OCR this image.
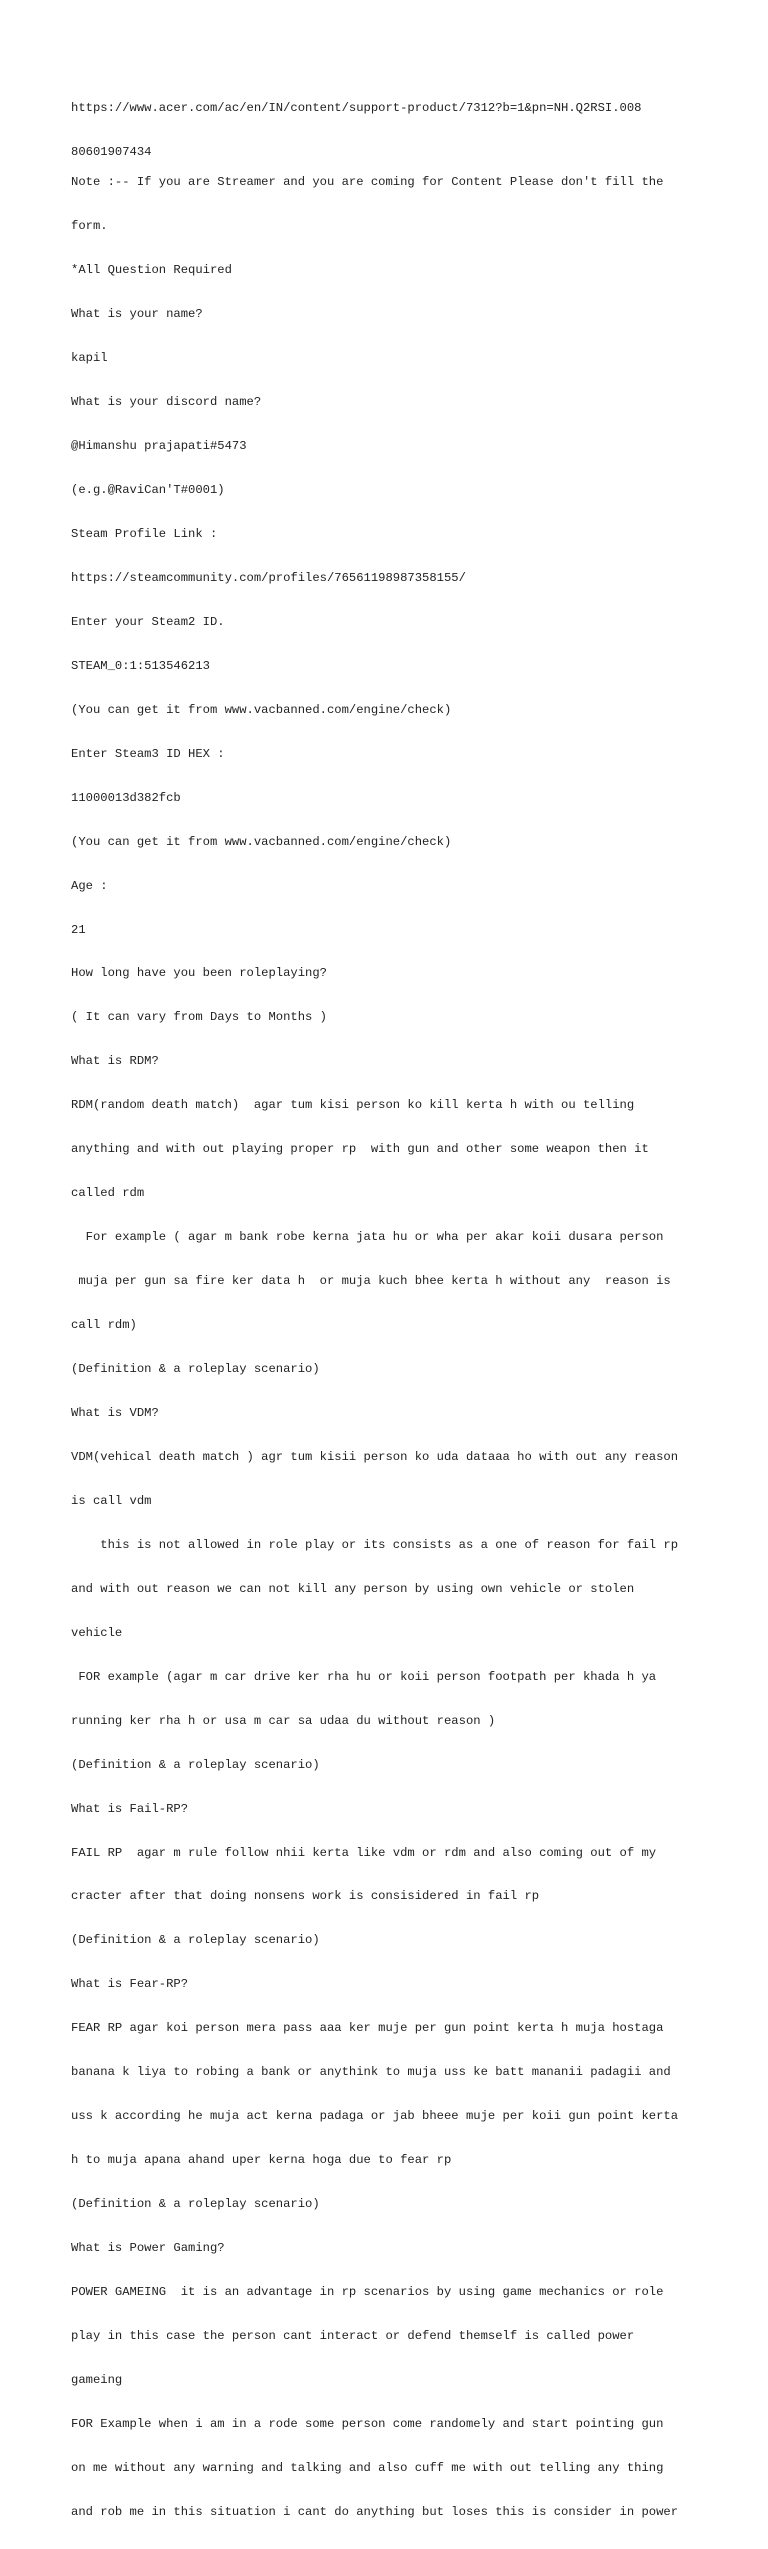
https://www.acer.com/ac/en/IN/content/support-product/7312?b=1&pn=NH.Q2RSI.008

80601907434

Note :-- If you are Streamer and you are coming for Content Please don't fill the

form.

*All Question Required

What is your name?

kapil

What is your discord name?

@Himanshu prajapati#5473

(e.g.@RaviCan'T#0001)

Steam Profile Link :

https://steamcommunity.com/profiles/76561198987358155/

Enter your Steam2 ID.

STEAM_0:1:513546213

(You can get it from www.vacbanned.com/engine/check)

Enter Steam3 ID HEX :

11000013d382fcb

(You can get it from www.vacbanned.com/engine/check)

Age :

21

How long have you been roleplaying?

( It can vary from Days to Months )

What is RDM?

RDM(random death match)  agar tum kisi person ko kill kerta h with ou telling

anything and with out playing proper rp  with gun and other some weapon then it

called rdm

For example ( agar m bank robe kerna jata hu or wha per akar koii dusara person

muja per gun sa fire ker data h  or muja kuch bhee kerta h without any  reason is

call rdm)

(Definition & a roleplay scenario)

What is VDM?

VDM(vehical death match ) agr tum kisii person ko uda dataaa ho with out any reason

is call vdm

this is not allowed in role play or its consists as a one of reason for fail rp

and with out reason we can not kill any person by using own vehicle or stolen

vehicle

FOR example (agar m car drive ker rha hu or koii person footpath per khada h ya

running ker rha h or usa m car sa udaa du without reason )

(Definition & a roleplay scenario)

What is Fail-RP?

FAIL RP  agar m rule follow nhii kerta like vdm or rdm and also coming out of my

cracter after that doing nonsens work is consisidered in fail rp

(Definition & a roleplay scenario)

What is Fear-RP?

FEAR RP agar koi person mera pass aaa ker muje per gun point kerta h muja hostaga

banana k liya to robing a bank or anythink to muja uss ke batt mananii padagii and

uss k according he muja act kerna padaga or jab bheee muje per koii gun point kerta

h to muja apana ahand uper kerna hoga due to fear rp

(Definition & a roleplay scenario)

What is Power Gaming?

POWER GAMEING  it is an advantage in rp scenarios by using game mechanics or role

play in this case the person cant interact or defend themself is called power

gameing

FOR Example when i am in a rode some person come randomely and start pointing gun

on me without any warning and talking and also cuff me with out telling any thing

and rob me in this situation i cant do anything but loses this is consider in power
